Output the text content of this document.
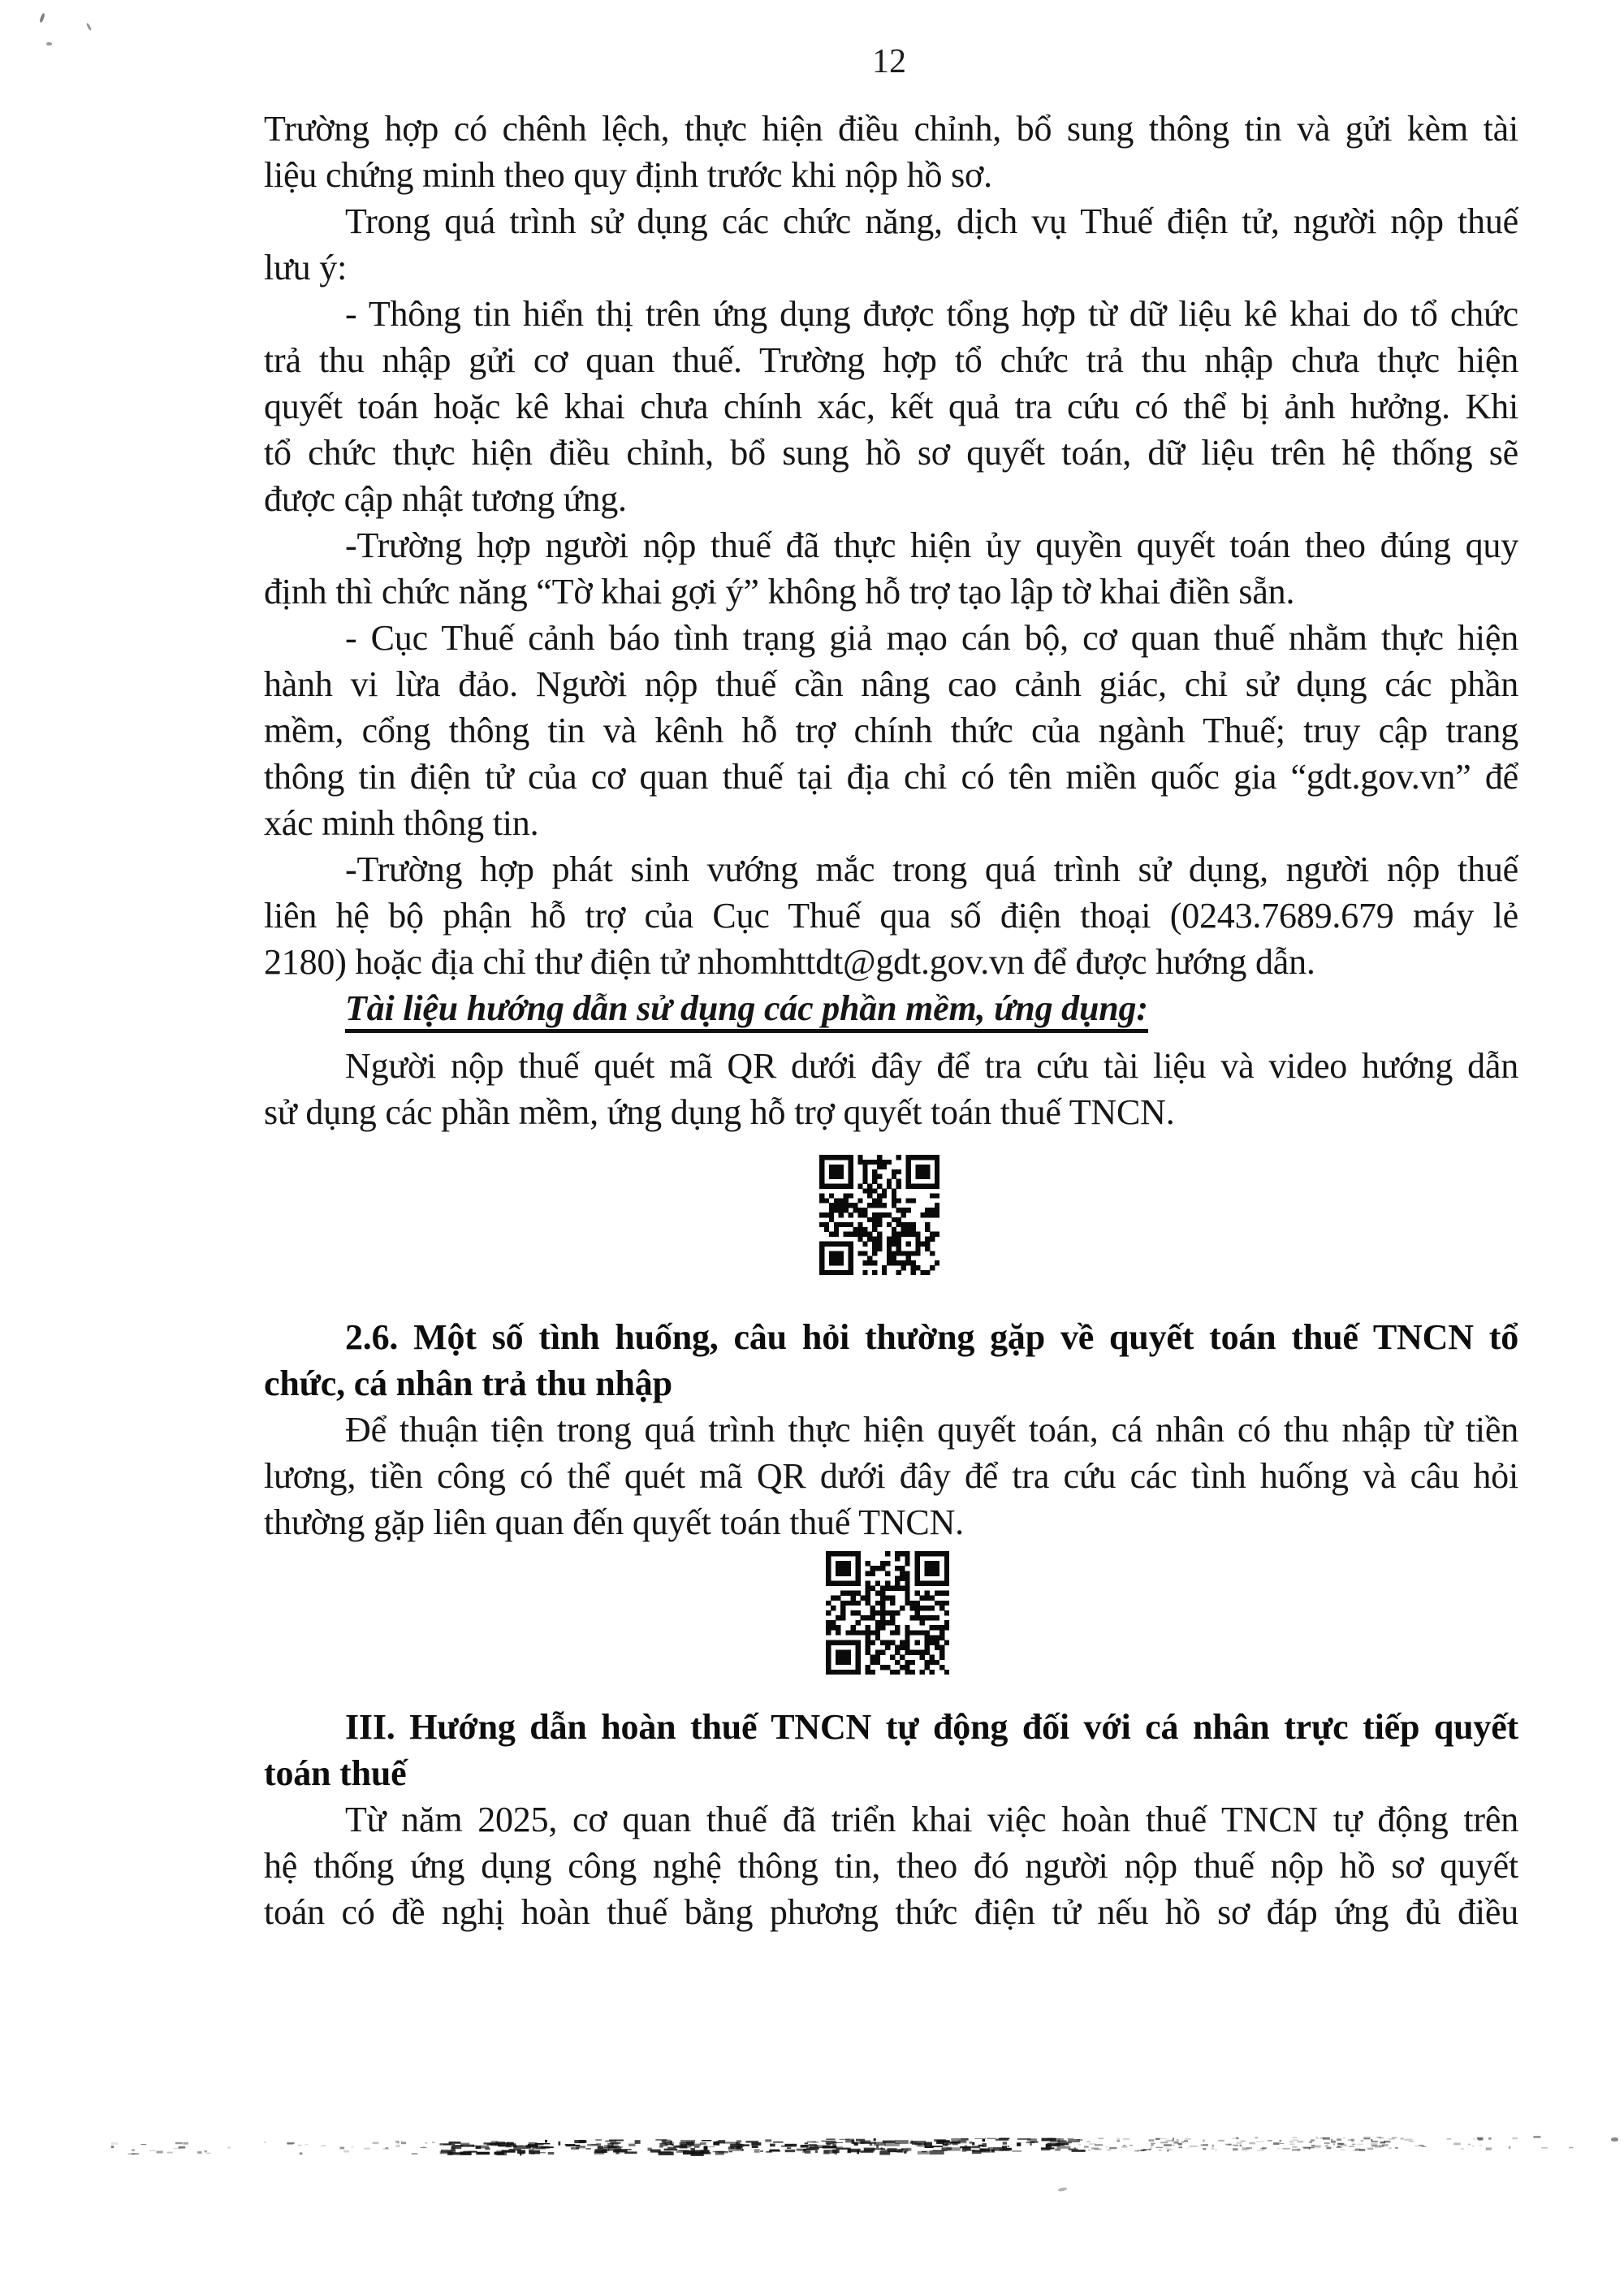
12
Trường hợp có chênh lệch, thực hiện điều chỉnh, bổ sung thông tin và gửi kèm tài
liệu chứng minh theo quy định trước khi nộp hồ sơ.
Trong quá trình sử dụng các chức năng, dịch vụ Thuế điện tử, người nộp thuế
lưu ý:
- Thông tin hiển thị trên ứng dụng được tổng hợp từ dữ liệu kê khai do tổ chức
trả thu nhập gửi cơ quan thuế. Trường hợp tổ chức trả thu nhập chưa thực hiện
quyết toán hoặc kê khai chưa chính xác, kết quả tra cứu có thể bị ảnh hưởng. Khi
tổ chức thực hiện điều chỉnh, bổ sung hồ sơ quyết toán, dữ liệu trên hệ thống sẽ
được cập nhật tương ứng.
-Trường hợp người nộp thuế đã thực hiện ủy quyền quyết toán theo đúng quy
định thì chức năng “Tờ khai gợi ý” không hỗ trợ tạo lập tờ khai điền sẵn.
- Cục Thuế cảnh báo tình trạng giả mạo cán bộ, cơ quan thuế nhằm thực hiện
hành vi lừa đảo. Người nộp thuế cần nâng cao cảnh giác, chỉ sử dụng các phần
mềm, cổng thông tin và kênh hỗ trợ chính thức của ngành Thuế; truy cập trang
thông tin điện tử của cơ quan thuế tại địa chỉ có tên miền quốc gia “gdt.gov.vn” để
xác minh thông tin.
-Trường hợp phát sinh vướng mắc trong quá trình sử dụng, người nộp thuế
liên hệ bộ phận hỗ trợ của Cục Thuế qua số điện thoại (0243.7689.679 máy lẻ
2180) hoặc địa chỉ thư điện tử nhomhttdt@gdt.gov.vn để được hướng dẫn.
Tài liệu hướng dẫn sử dụng các phần mềm, ứng dụng:
Người nộp thuế quét mã QR dưới đây để tra cứu tài liệu và video hướng dẫn
sử dụng các phần mềm, ứng dụng hỗ trợ quyết toán thuế TNCN.
2.6. Một số tình huống, câu hỏi thường gặp về quyết toán thuế TNCN tổ
chức, cá nhân trả thu nhập
Để thuận tiện trong quá trình thực hiện quyết toán, cá nhân có thu nhập từ tiền
lương, tiền công có thể quét mã QR dưới đây để tra cứu các tình huống và câu hỏi
thường gặp liên quan đến quyết toán thuế TNCN.
III. Hướng dẫn hoàn thuế TNCN tự động đối với cá nhân trực tiếp quyết
toán thuế
Từ năm 2025, cơ quan thuế đã triển khai việc hoàn thuế TNCN tự động trên
hệ thống ứng dụng công nghệ thông tin, theo đó người nộp thuế nộp hồ sơ quyết
toán có đề nghị hoàn thuế bằng phương thức điện tử nếu hồ sơ đáp ứng đủ điều
